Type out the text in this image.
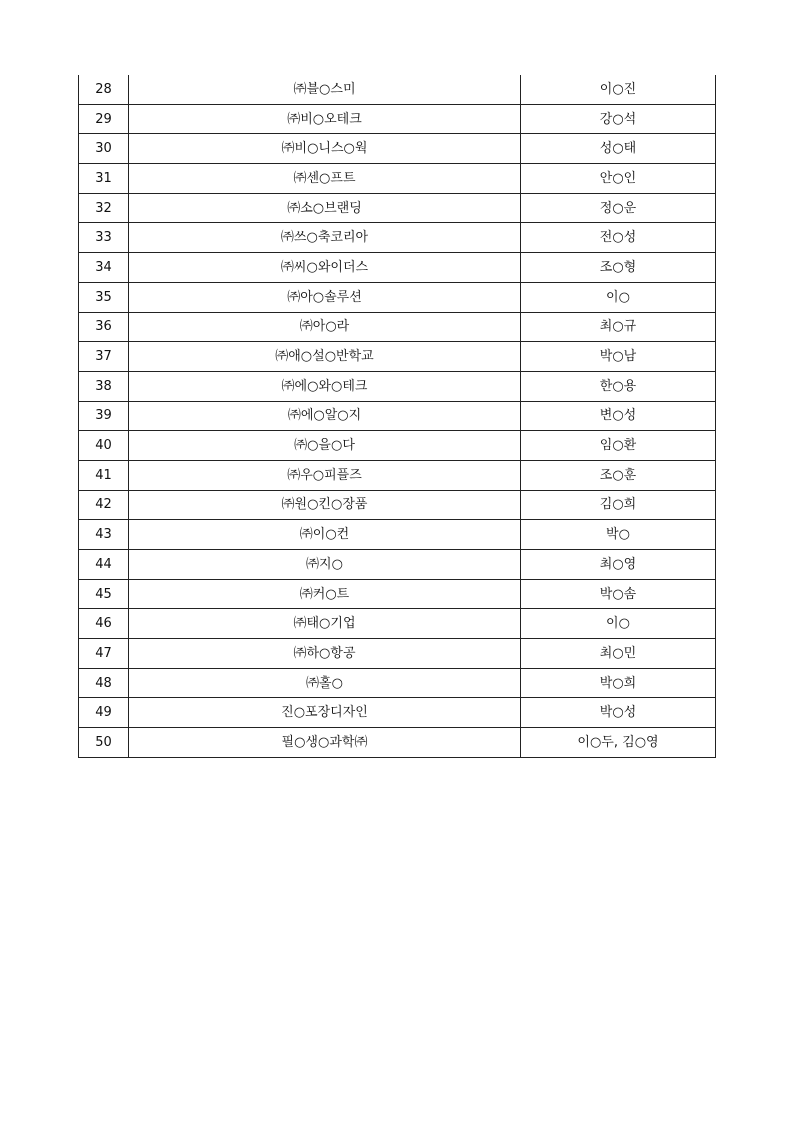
28	㈜블○스미	이○진
29	㈜비○오테크	강○석
30	㈜비○니스○웍	성○태
31	㈜센○프트	안○인
32	㈜소○브랜딩	정○운
33	㈜쓰○축코리아	전○성
34	㈜씨○와이더스	조○형
35	㈜아○솔루션	이○
36	㈜아○라	최○규
37	㈜애○설○반학교	박○남
38	㈜에○와○테크	한○용
39	㈜에○알○지	변○성
40	㈜○을○다	임○환
41	㈜우○피플즈	조○훈
42	㈜원○킨○장품	김○희
43	㈜이○컨	박○
44	㈜지○	최○영
45	㈜커○트	박○솜
46	㈜태○기업	이○
47	㈜하○항공	최○민
48	㈜홀○	박○희
49	진○포장디자인	박○성
50	필○생○과학㈜	이○두, 김○영
